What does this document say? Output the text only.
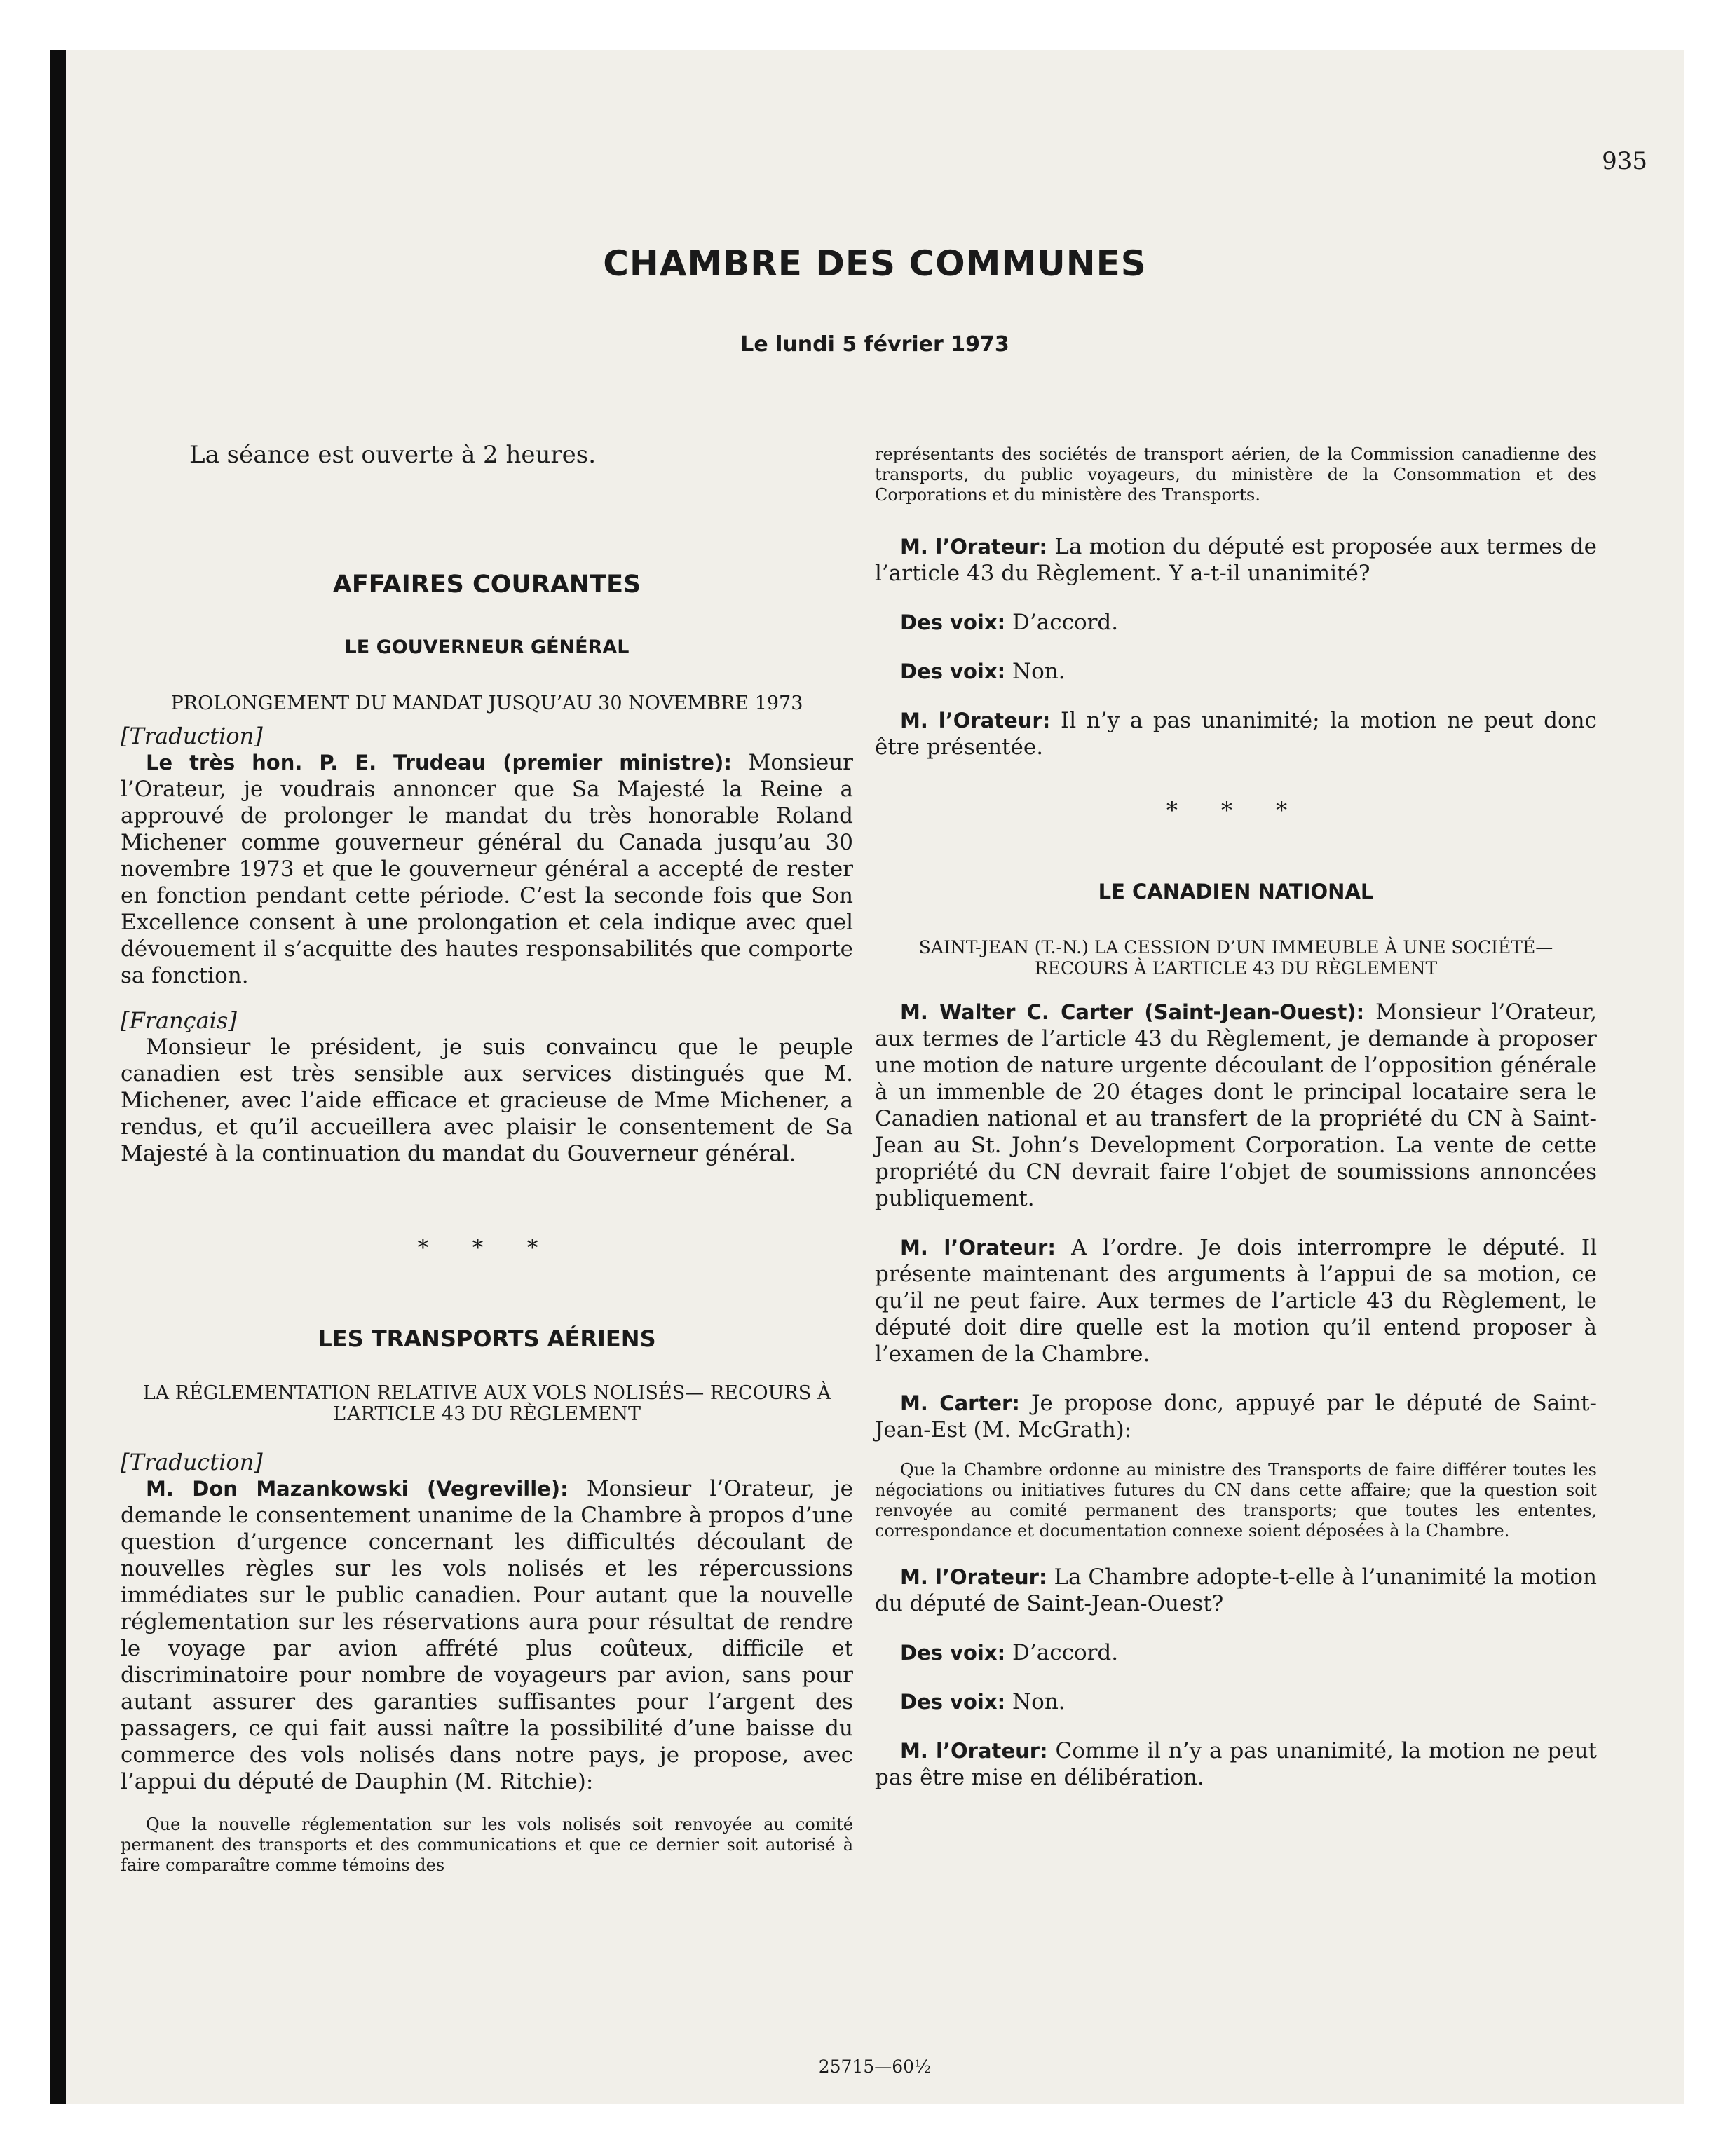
935
CHAMBRE DES COMMUNES
Le lundi 5 février 1973
25715—60½

La séance est ouverte à 2 heures.

AFFAIRES COURANTES
LE GOUVERNEUR GÉNÉRAL
PROLONGEMENT DU MANDAT JUSQU’AU 30 NOVEMBRE 1973
[Traduction]

Le très hon. P. E. Trudeau (premier ministre): Monsieur l’Orateur, je voudrais annoncer que Sa Majesté la Reine a approuvé de prolonger le mandat du très honorable Roland Michener comme gouverneur général du Canada jusqu’au 30 novembre 1973 et que le gouverneur général a accepté de rester en fonction pendant cette période. C’est la seconde fois que Son Excellence consent à une prolongation et cela indique avec quel dévouement il s’acquitte des hautes responsabilités que comporte sa fonction.

[Français]

Monsieur le président, je suis convaincu que le peuple canadien est très sensible aux services distingués que M. Michener, avec l’aide efficace et gracieuse de Mme Michener, a rendus, et qu’il accueillera avec plaisir le consentement de Sa Majesté à la continuation du mandat du Gouverneur général.

* * *
LES TRANSPORTS AÉRIENS
LA RÉGLEMENTATION RELATIVE AUX VOLS NOLISÉS— RECOURS À L’ARTICLE 43 DU RÈGLEMENT
[Traduction]

M. Don Mazankowski (Vegreville): Monsieur l’Orateur, je demande le consentement unanime de la Chambre à propos d’une question d’urgence concernant les difficultés découlant de nouvelles règles sur les vols nolisés et les répercussions immédiates sur le public canadien. Pour autant que la nouvelle réglementation sur les réservations aura pour résultat de rendre le voyage par avion affrété plus coûteux, difficile et discriminatoire pour nombre de voyageurs par avion, sans pour autant assurer des garanties suffisantes pour l’argent des passagers, ce qui fait aussi naître la possibilité d’une baisse du commerce des vols nolisés dans notre pays, je propose, avec l’appui du député de Dauphin (M. Ritchie):

Que la nouvelle réglementation sur les vols nolisés soit renvoyée au comité permanent des transports et des communications et que ce dernier soit autorisé à faire comparaître comme témoins des

représentants des sociétés de transport aérien, de la Commission canadienne des transports, du public voyageurs, du ministère de la Consommation et des Corporations et du ministère des Transports.

M. l’Orateur: La motion du député est proposée aux termes de l’article 43 du Règlement. Y a-t-il unanimité?

Des voix: D’accord.

Des voix: Non.

M. l’Orateur: Il n’y a pas unanimité; la motion ne peut donc être présentée.

* * *
LE CANADIEN NATIONAL
SAINT-JEAN (T.-N.) LA CESSION D’UN IMMEUBLE À UNE SOCIÉTÉ—RECOURS À L’ARTICLE 43 DU RÈGLEMENT

M. Walter C. Carter (Saint-Jean-Ouest): Monsieur l’Orateur, aux termes de l’article 43 du Règlement, je demande à proposer une motion de nature urgente découlant de l’opposition générale à un immenble de 20 étages dont le principal locataire sera le Canadien national et au transfert de la propriété du CN à Saint-Jean au St. John’s Development Corporation. La vente de cette propriété du CN devrait faire l’objet de soumissions annoncées publiquement.

M. l’Orateur: A l’ordre. Je dois interrompre le député. Il présente maintenant des arguments à l’appui de sa motion, ce qu’il ne peut faire. Aux termes de l’article 43 du Règlement, le député doit dire quelle est la motion qu’il entend proposer à l’examen de la Chambre.

M. Carter: Je propose donc, appuyé par le député de Saint-Jean-Est (M. McGrath):

Que la Chambre ordonne au ministre des Transports de faire différer toutes les négociations ou initiatives futures du CN dans cette affaire; que la question soit renvoyée au comité permanent des transports; que toutes les ententes, correspondance et documentation connexe soient déposées à la Chambre.

M. l’Orateur: La Chambre adopte-t-elle à l’unanimité la motion du député de Saint-Jean-Ouest?

Des voix: D’accord.

Des voix: Non.

M. l’Orateur: Comme il n’y a pas unanimité, la motion ne peut pas être mise en délibération.
